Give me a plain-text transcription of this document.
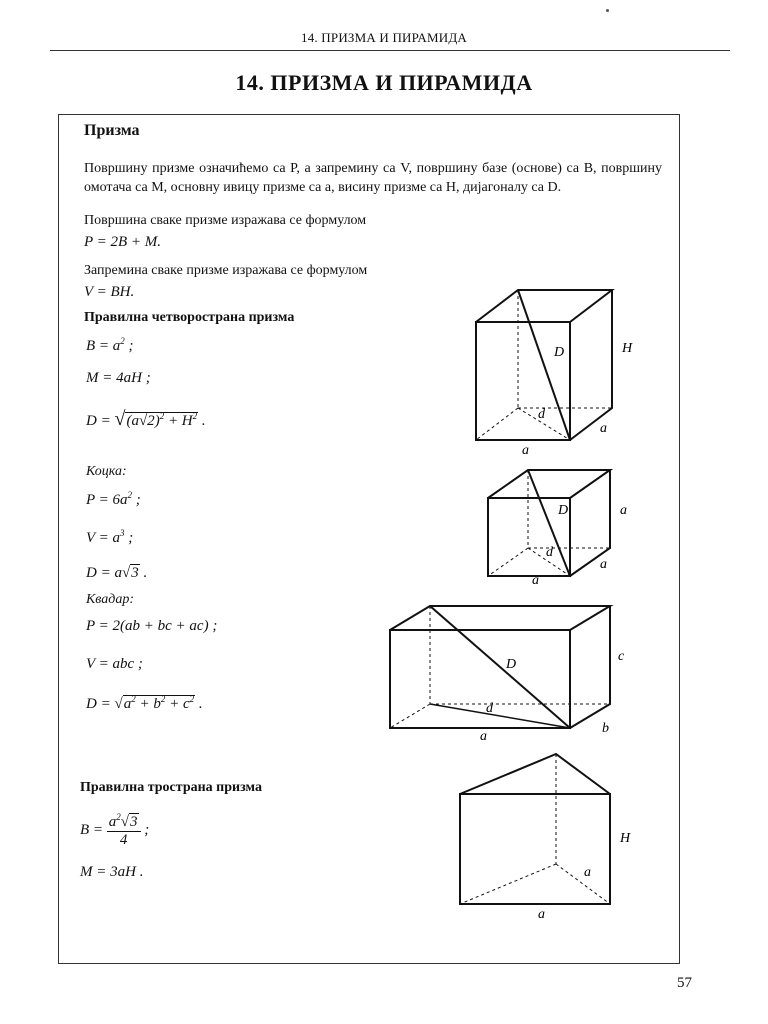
14. ПРИЗМА И ПИРАМИДА
14. ПРИЗМА И ПИРАМИДА
Призма
Површину призме означићемо са P, а запремину са V, површину базе (основе) са B, површину омотача са M, основну ивицу призме са a, висину призме са H, дијагоналу са D.
Површина сваке призме изражава се формулом
P = 2B + M.
Запремина сваке призме изражава се формулом
V = BH.
Правилна четворострана призма
$B = a^2$ ;
M = 4aH ;
$D = √(a√2)^2 + H^2$ .
Коцка:
$P = 6a^2$ ;
$V = a^3$ ;
D = a√3 .
Квадар:
P = 2(ab + bc + ac) ;
V = abc ;
$D = √a^2 + b^2 + c^2$ .
Правилна тространа призма
$B = \frac{a^2√3}{4}$ ;
M = 3aH .
D	H
d
a
a
D	a
d
a
a
D
c
d
b
a
H
a
a
57
